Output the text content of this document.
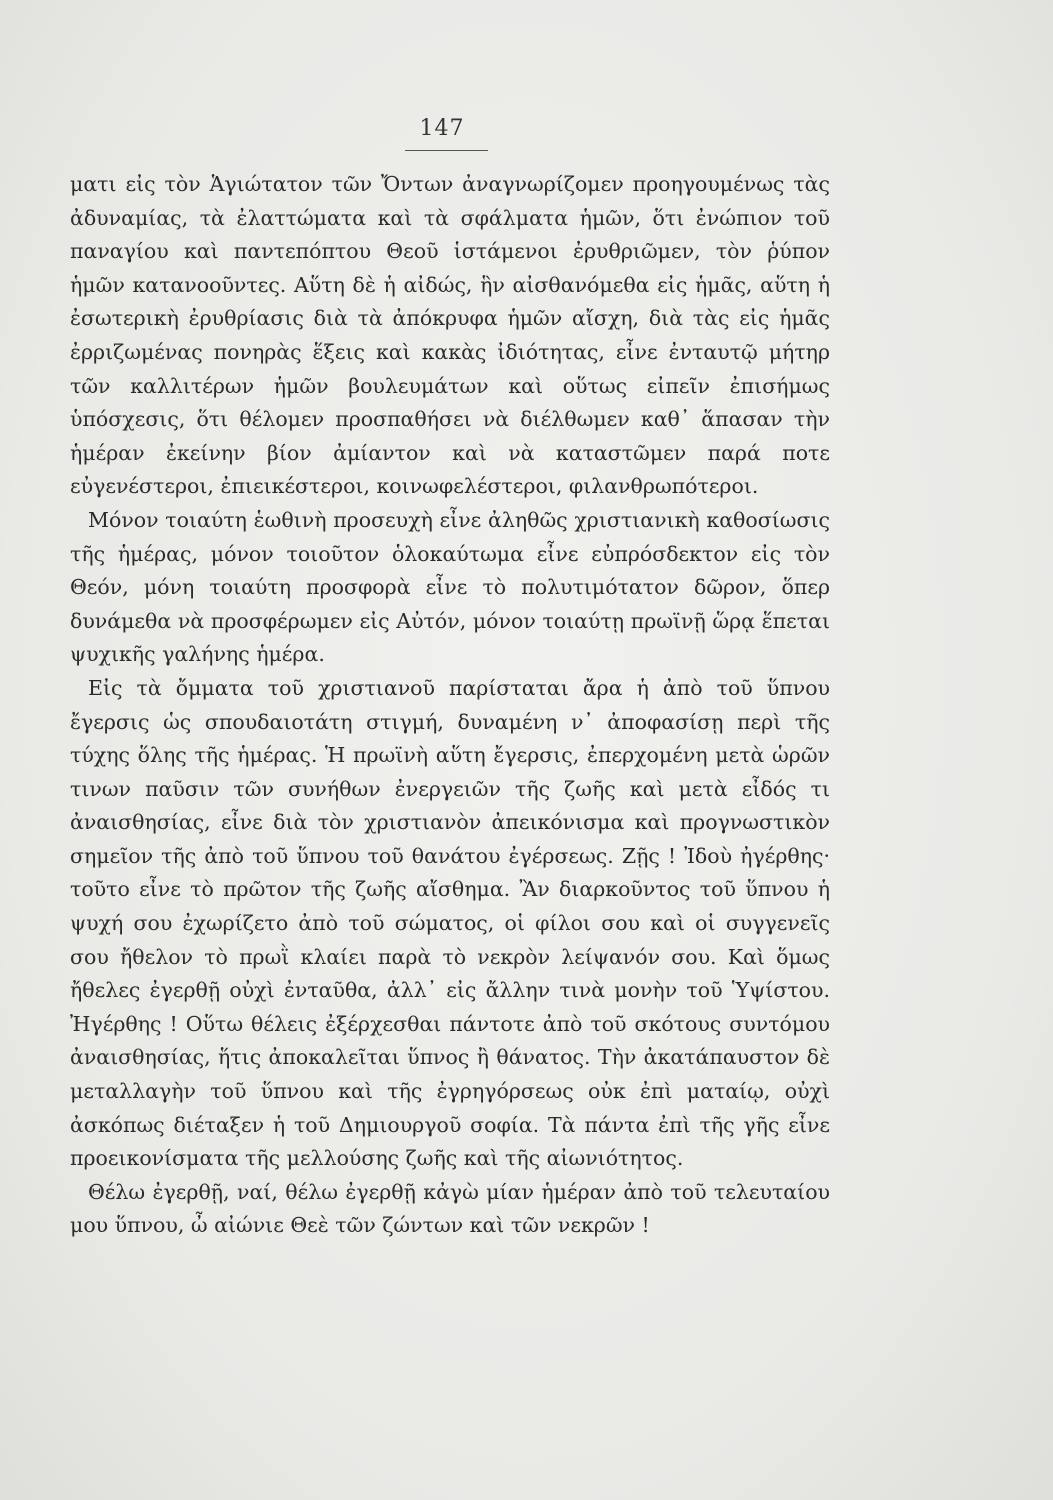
147

ματι εἰς τὸν Ἁγιώτατον τῶν Ὄντων ἀναγνωρίζομεν προηγουμένως τὰς ἀδυναμίας, τὰ ἐλαττώματα καὶ τὰ σφάλματα ἡμῶν, ὅτι ἐνώπιον τοῦ παναγίου καὶ παντεπόπτου Θεοῦ ἱστάμενοι ἐρυθριῶμεν, τὸν ῥύπον ἡμῶν κατανοοῦντες. Αὕτη δὲ ἡ αἰδώς, ἣν αἰσθανόμεθα εἰς ἡμᾶς, αὕτη ἡ ἐσωτερικὴ ἐρυθρίασις διὰ τὰ ἀπόκρυφα ἡμῶν αἴσχη, διὰ τὰς εἰς ἡμᾶς ἐρριζωμένας πονηρὰς ἕξεις καὶ κακὰς ἰδιότητας, εἶνε ἐνταυτῷ μήτηρ τῶν καλλιτέρων ἡμῶν βουλευμάτων καὶ οὕτως εἰπεῖν ἐπισήμως ὑπόσχεσις, ὅτι θέλομεν προσπαθήσει νὰ διέλθωμεν καθ᾽ ἅπασαν τὴν ἡμέραν ἐκείνην βίον ἀμίαντον καὶ νὰ καταστῶμεν παρά ποτε εὐγενέστεροι, ἐπιεικέστεροι, κοινωφελέστεροι, φιλανθρωπότεροι.

Μόνον τοιαύτη ἑωθινὴ προσευχὴ εἶνε ἀληθῶς χριστιανικὴ καθοσίωσις τῆς ἡμέρας, μόνον τοιοῦτον ὁλοκαύτωμα εἶνε εὐπρόσδεκτον εἰς τὸν Θεόν, μόνη τοιαύτη προσφορὰ εἶνε τὸ πολυτιμότατον δῶρον, ὅπερ δυνάμεθα νὰ προσφέρωμεν εἰς Αὐτόν, μόνον τοιαύτῃ πρωϊνῇ ὥρᾳ ἕπεται ψυχικῆς γαλήνης ἡμέρα.

Εἰς τὰ ὄμματα τοῦ χριστιανοῦ παρίσταται ἄρα ἡ ἀπὸ τοῦ ὕπνου ἔγερσις ὡς σπουδαιοτάτη στιγμή, δυναμένη ν᾽ ἀποφασίσῃ περὶ τῆς τύχης ὅλης τῆς ἡμέρας. Ἡ πρωϊνὴ αὕτη ἔγερσις, ἐπερχομένη μετὰ ὡρῶν τινων παῦσιν τῶν συνήθων ἐνεργειῶν τῆς ζωῆς καὶ μετὰ εἶδός τι ἀναισθησίας, εἶνε διὰ τὸν χριστιανὸν ἀπεικόνισμα καὶ προγνωστικὸν σημεῖον τῆς ἀπὸ τοῦ ὕπνου τοῦ θανάτου ἐγέρσεως. Ζῇς ! Ἰδοὺ ἠγέρθης· τοῦτο εἶνε τὸ πρῶτον τῆς ζωῆς αἴσθημα. Ἂν διαρκοῦντος τοῦ ὕπνου ἡ ψυχή σου ἐχωρίζετο ἀπὸ τοῦ σώματος, οἱ φίλοι σου καὶ οἱ συγγενεῖς σου ἤθελον τὸ πρωῒ κλαίει παρὰ τὸ νεκρὸν λείψανόν σου. Καὶ ὅμως ἤθελες ἐγερθῇ οὐχὶ ἐνταῦθα, ἀλλ᾽ εἰς ἄλλην τινὰ μονὴν τοῦ Ὑψίστου. Ἠγέρθης ! Οὕτω θέλεις ἐξέρχεσθαι πάντοτε ἀπὸ τοῦ σκότους συντόμου ἀναισθησίας, ἥτις ἀποκαλεῖται ὕπνος ἢ θάνατος. Τὴν ἀκατάπαυστον δὲ μεταλλαγὴν τοῦ ὕπνου καὶ τῆς ἐγρηγόρσεως οὐκ ἐπὶ ματαίῳ, οὐχὶ ἀσκόπως διέταξεν ἡ τοῦ Δημιουργοῦ σοφία. Τὰ πάντα ἐπὶ τῆς γῆς εἶνε προεικονίσματα τῆς μελλούσης ζωῆς καὶ τῆς αἰωνιότητος.

Θέλω ἐγερθῇ, ναί, θέλω ἐγερθῇ κἀγὼ μίαν ἡμέραν ἀπὸ τοῦ τελευταίου μου ὕπνου, ὦ αἰώνιε Θεὲ τῶν ζώντων καὶ τῶν νεκρῶν !
